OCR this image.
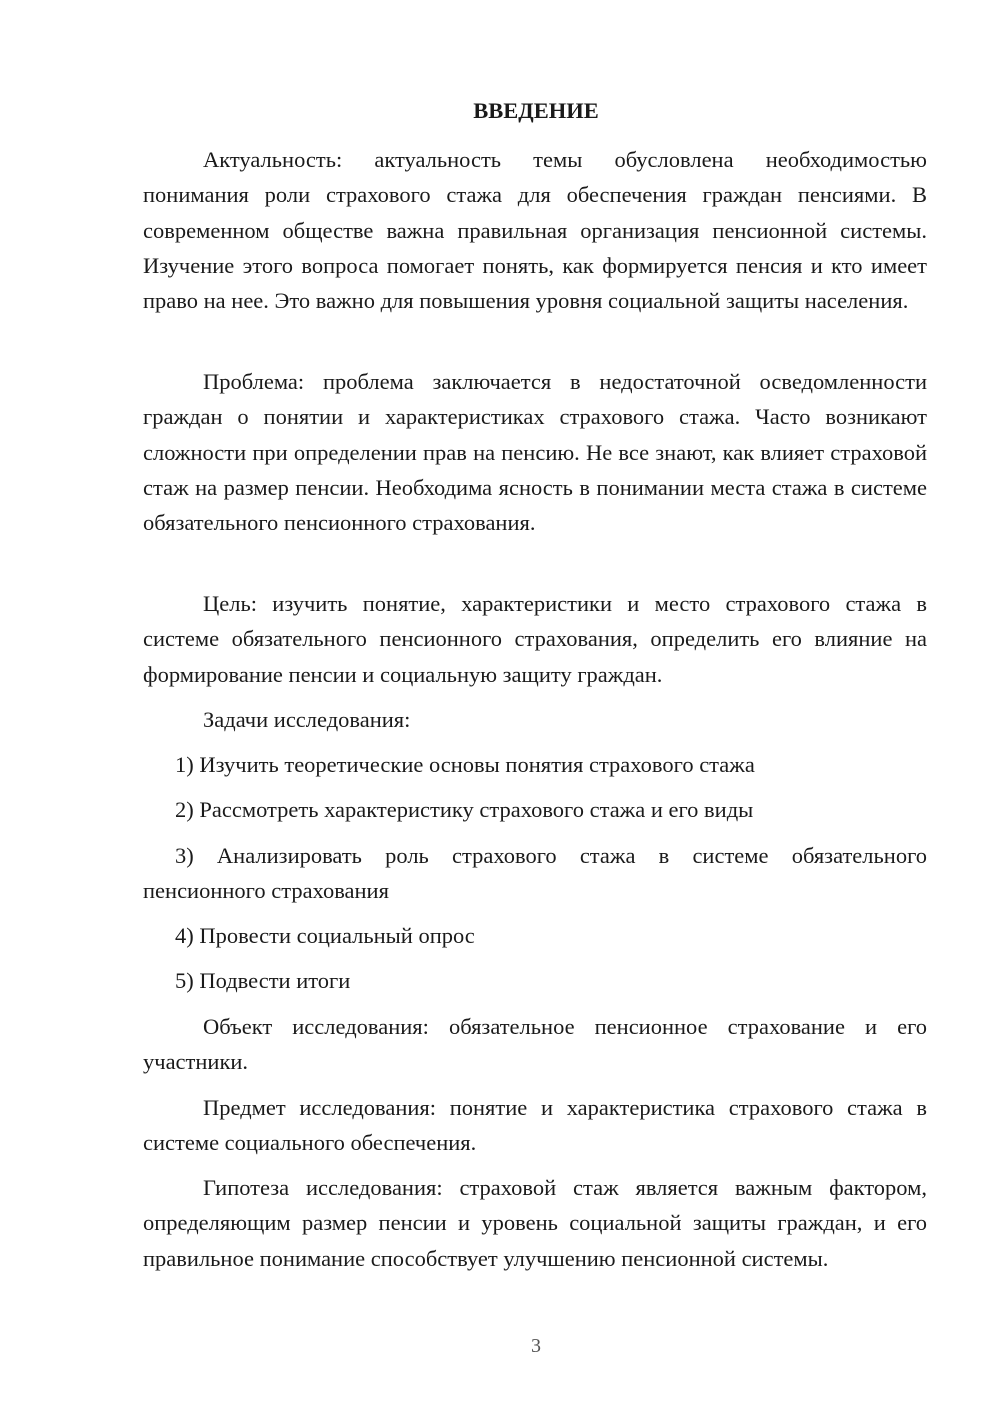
ВВЕДЕНИЕ

Актуальность: актуальность темы обусловлена необходимостью понимания роли страхового стажа для обеспечения граждан пенсиями. В современном обществе важна правильная организация пенсионной системы. Изучение этого вопроса помогает понять, как формируется пенсия и кто имеет право на нее. Это важно для повышения уровня социальной защиты населения.

Проблема: проблема заключается в недостаточной осведомленности граждан о понятии и характеристиках страхового стажа. Часто возникают сложности при определении прав на пенсию. Не все знают, как влияет страховой стаж на размер пенсии. Необходима ясность в понимании места стажа в системе обязательного пенсионного страхования.

Цель: изучить понятие, характеристики и место страхового стажа в системе обязательного пенсионного страхования, определить его влияние на формирование пенсии и социальную защиту граждан.

Задачи исследования:

1) Изучить теоретические основы понятия страхового стажа

2) Рассмотреть характеристику страхового стажа и его виды

3) Анализировать роль страхового стажа в системе обязательного пенсионного страхования

4) Провести социальный опрос

5) Подвести итоги

Объект исследования: обязательное пенсионное страхование и его участники.

Предмет исследования: понятие и характеристика страхового стажа в системе социального обеспечения.

Гипотеза исследования: страховой стаж является важным фактором, определяющим размер пенсии и уровень социальной защиты граждан, и его правильное понимание способствует улучшению пенсионной системы.

3
